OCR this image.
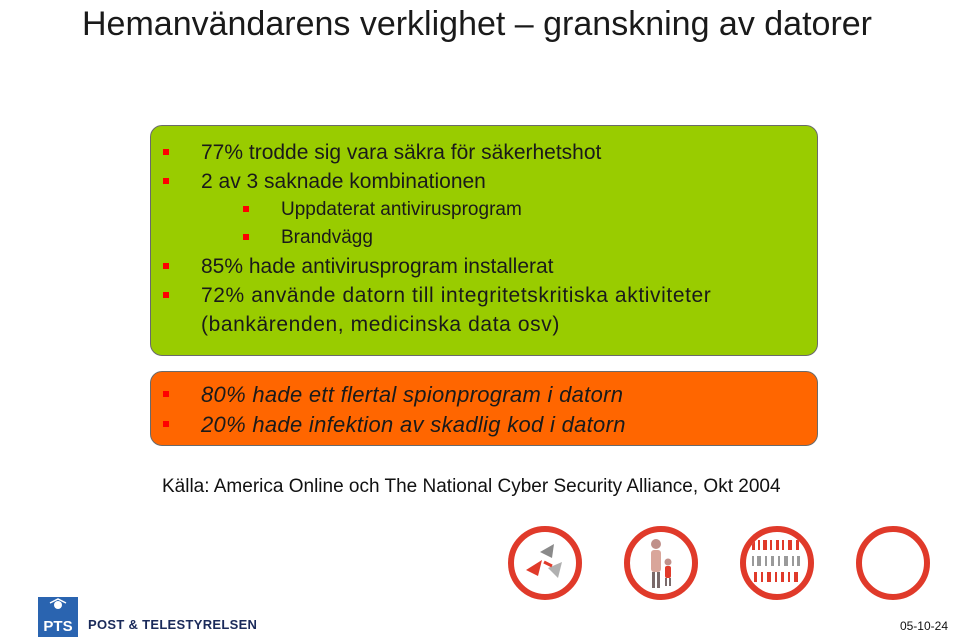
Hemanvändarens verklighet – granskning av datorer
77% trodde sig vara säkra för säkerhetshot
2 av 3 saknade kombinationen
Uppdaterat antivirusprogram
Brandvägg
85% hade antivirusprogram installerat
72% använde datorn till integritetskritiska aktiviteter
(bankärenden, medicinska data osv)
80% hade ett flertal spionprogram i datorn
20% hade infektion av skadlig kod i datorn
Källa: America Online och The National Cyber Security Alliance, Okt 2004
PTS POST & TELESTYRELSEN	05-10-24
